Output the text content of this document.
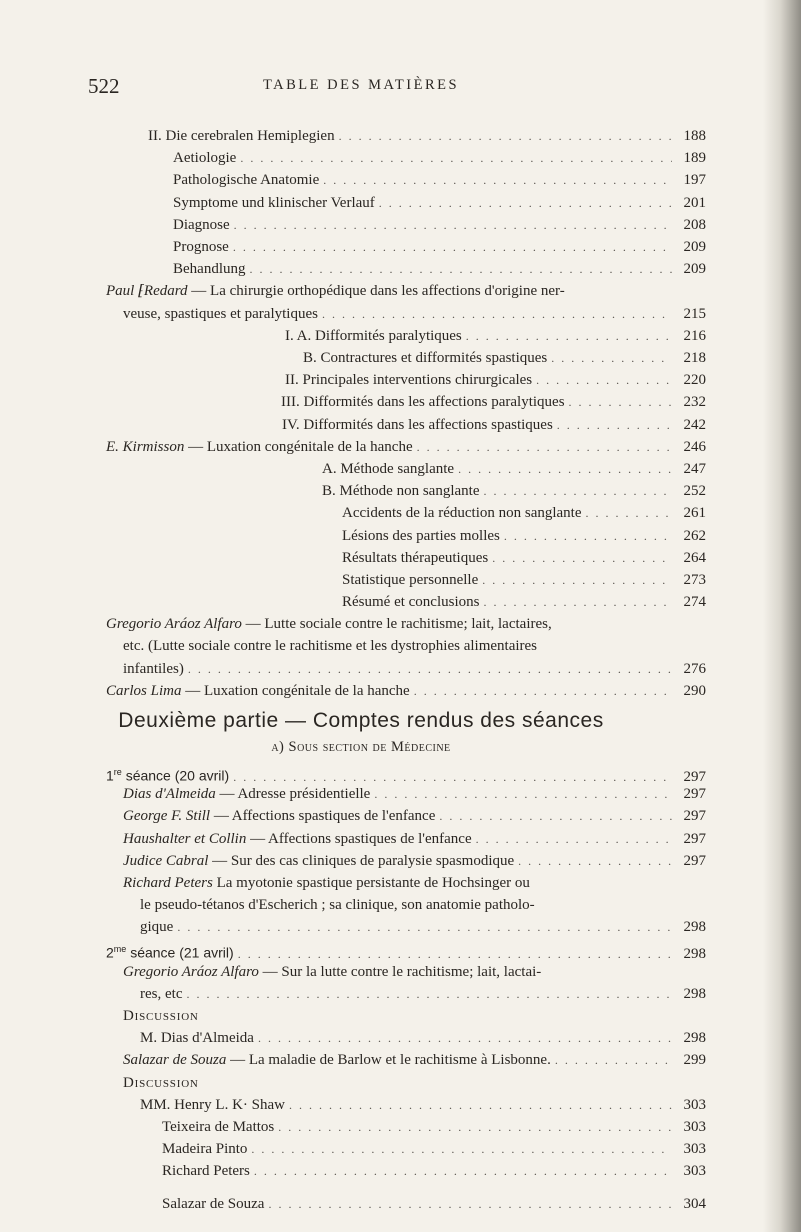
522	TABLE DES MATIÈRES
II. Die cerebralen Hemiplegien . . .	188
Aetiologie . . .	189
Pathologische Anatomie . . .	197
Symptome und klinischer Verlauf . . .	201
Diagnose . . .	208
Prognose . . .	209
Behandlung . . .	209
Paul ⁅Redard — La chirurgie orthopédique dans les affections d'origine ner-
veuse, spastiques et paralytiques . . .	215
I. A. Difformités paralytiques . . .	216
B. Contractures et difformités spastiques . . .	218
II. Principales interventions chirurgicales . . .	220
III. Difformités dans les affections paralytiques . . .	232
IV. Difformités dans les affections spastiques . . .	242
E. Kirmisson — Luxation congénitale de la hanche . . .	246
A. Méthode sanglante . . .	247
B. Méthode non sanglante . . .	252
Accidents de la réduction non sanglante . . .	261
Lésions des parties molles . . .	262
Résultats thérapeutiques . . .	264
Statistique personnelle . . .	273
Résumé et conclusions . . .	274
Gregorio Aráoz Alfaro — Lutte sociale contre le rachitisme; lait, lactaires,
etc. (Lutte sociale contre le rachitisme et les dystrophies alimentaires
infantiles) . . .	276
Carlos Lima — Luxation congénitale de la hanche . . .	290
Deuxième partie — Comptes rendus des séances
a) Sous section de Médecine
1re séance (20 avril) . . .	297
Dias d'Almeida — Adresse présidentielle . . .	297
George F. Still — Affections spastiques de l'enfance . . .	297
Haushalter et Collin — Affections spastiques de l'enfance . . .	297
Judice Cabral — Sur des cas cliniques de paralysie spasmodique . . .	297
Richard Peters La myotonie spastique persistante de Hochsinger ou
le pseudo-tétanos d'Escherich ; sa clinique, son anatomie patholo-
gique . . .	298
$2^{me}$ séance (21 avril) . . .	298
Gregorio Aráoz Alfaro — Sur la lutte contre le rachitisme; lait, lactai-
res, etc . . .	298
Discussion
M. Dias d'Almeida . . .	298
Salazar de Souza — La maladie de Barlow et le rachitisme à Lisbonne. . . .	299
Discussion
MM. Henry L. K· Shaw . . .	303
Teixeira de Mattos . . .	303
Madeira Pinto . . .	303
Richard Peters . . .	303
Salazar de Souza . . .	304
